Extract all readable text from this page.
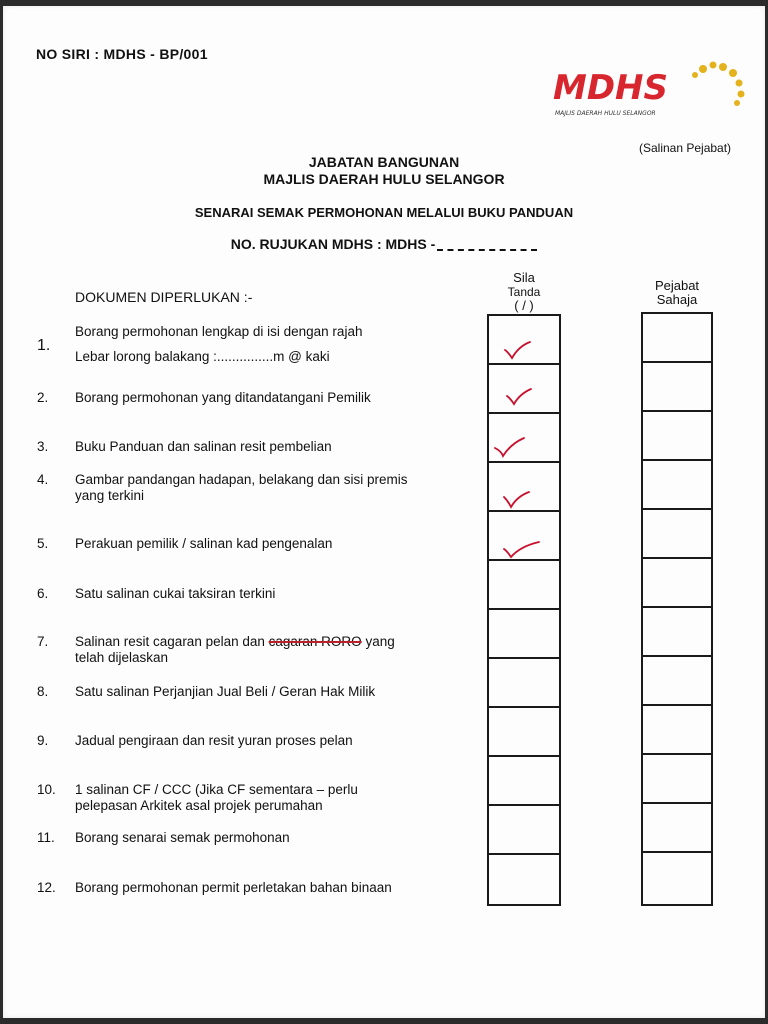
NO SIRI : MDHS - BP/001
MDHS
MAJLIS DAERAH HULU SELANGOR
(Salinan Pejabat)
JABATAN BANGUNAN
MAJLIS DAERAH HULU SELANGOR
SENARAI SEMAK PERMOHONAN MELALUI BUKU PANDUAN
NO. RUJUKAN MDHS : MDHS -
DOKUMEN DIPERLUKAN :-
Sila
Tanda
( / )
Pejabat
Sahaja
1.
Borang permohonan lengkap di isi dengan rajah
Lebar lorong balakang :...............m @ kaki
2.	Borang permohonan yang ditandatangani Pemilik
3.	Buku Panduan dan salinan resit pembelian
4.	Gambar pandangan hadapan, belakang dan sisi premis
yang terkini
5.	Perakuan pemilik / salinan kad pengenalan
6.	Satu salinan cukai taksiran terkini
7.	Salinan resit cagaran pelan dan cagaran RORO yang
telah dijelaskan
8.	Satu salinan Perjanjian Jual Beli / Geran Hak Milik
9.	Jadual pengiraan dan resit yuran proses pelan
10.	1 salinan CF / CCC (Jika CF sementara – perlu
pelepasan Arkitek asal projek perumahan
11.	Borang senarai semak permohonan
12.	Borang permohonan permit perletakan bahan binaan
